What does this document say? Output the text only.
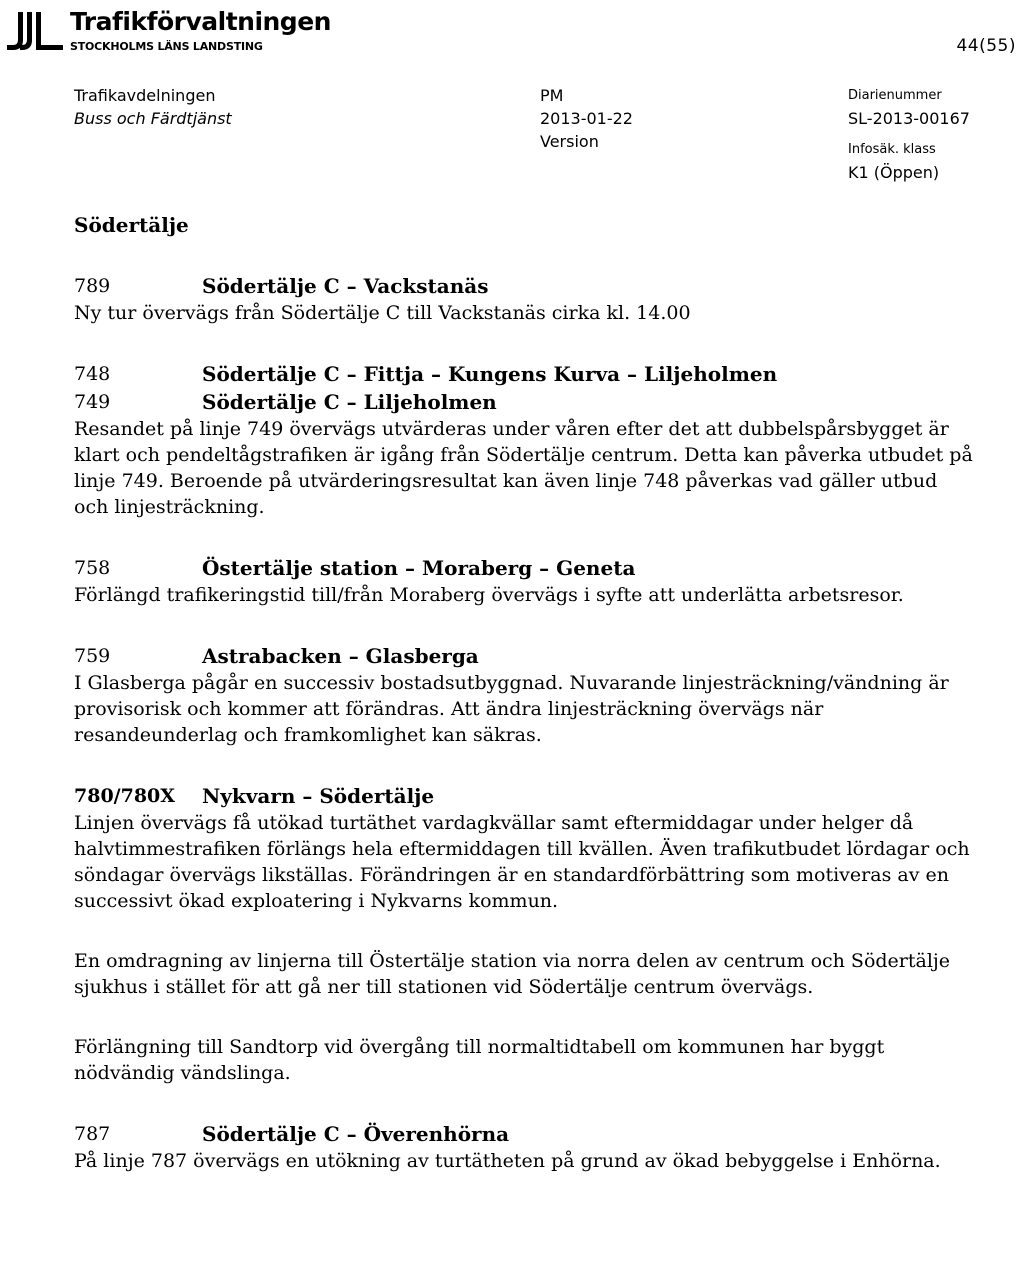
Trafikförvaltningen
STOCKHOLMS LÄNS LANDSTING	44(55)
Trafikavdelningen
Buss och Färdtjänst
PM
2013-01-22
Version
Diarienummer
SL-2013-00167
Infosäk. klass
K1 (Öppen)
Södertälje
789	Södertälje C – Vackstanäs

Ny tur övervägs från Södertälje C till Vackstanäs cirka kl. 14.00

748	Södertälje C – Fittja – Kungens Kurva – Liljeholmen
749	Södertälje C – Liljeholmen

Resandet på linje 749 övervägs utvärderas under våren efter det att dubbelspårsbygget är klart och pendeltågstrafiken är igång från Södertälje centrum. Detta kan påverka utbudet på linje 749. Beroende på utvärderingsresultat kan även linje 748 påverkas vad gäller utbud och linjesträckning.

758	Östertälje station – Moraberg – Geneta

Förlängd trafikeringstid till/från Moraberg övervägs i syfte att underlätta arbetsresor.

759	Astrabacken – Glasberga

I Glasberga pågår en successiv bostadsutbyggnad. Nuvarande linjesträckning/vändning är provisorisk och kommer att förändras. Att ändra linjesträckning övervägs när resandeunderlag och framkomlighet kan säkras.

780/780X	Nykvarn – Södertälje

Linjen övervägs få utökad turtäthet vardagkvällar samt eftermiddagar under helger då halvtimmestrafiken förlängs hela eftermiddagen till kvällen. Även trafikutbudet lördagar och söndagar övervägs likställas. Förändringen är en standardförbättring som motiveras av en successivt ökad exploatering i Nykvarns kommun.

En omdragning av linjerna till Östertälje station via norra delen av centrum och Södertälje sjukhus i stället för att gå ner till stationen vid Södertälje centrum övervägs.

Förlängning till Sandtorp vid övergång till normaltidtabell om kommunen har byggt nödvändig vändslinga.

787	Södertälje C – Överenhörna

På linje 787 övervägs en utökning av turtätheten på grund av ökad bebyggelse i Enhörna.
